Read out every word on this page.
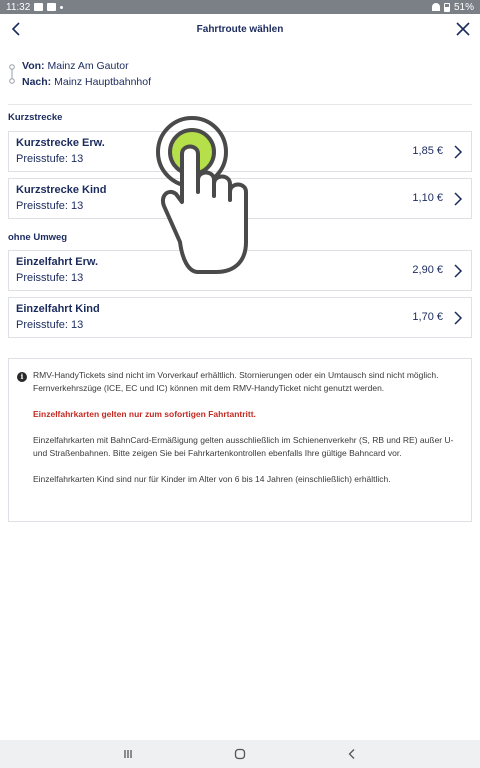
11:32	51%
Fahrtroute wählen
Von: Mainz Am Gautor
Nach: Mainz Hauptbahnhof
Kurzstrecke
Kurzstrecke Erw.
Preisstufe: 13
1,85 €
Kurzstrecke Kind
Preisstufe: 13
1,10 €
ohne Umweg
Einzelfahrt Erw.
Preisstufe: 13
2,90 €
Einzelfahrt Kind
Preisstufe: 13
1,70 €
i	RMV-HandyTickets sind nicht im Vorverkauf erhältlich. Stornierungen oder ein Umtausch sind nicht möglich. Fernverkehrszüge (ICE, EC und IC) können mit dem RMV-HandyTicket nicht genutzt werden.

Einzelfahrkarten gelten nur zum sofortigen Fahrtantritt.

Einzelfahrkarten mit BahnCard-Ermäßigung gelten ausschließlich im Schienenverkehr (S, RB und RE) außer U- und Straßenbahnen. Bitte zeigen Sie bei Fahrkartenkontrollen ebenfalls Ihre gültige Bahncard vor.

Einzelfahrkarten Kind sind nur für Kinder im Alter von 6 bis 14 Jahren (einschließlich) erhältlich.
